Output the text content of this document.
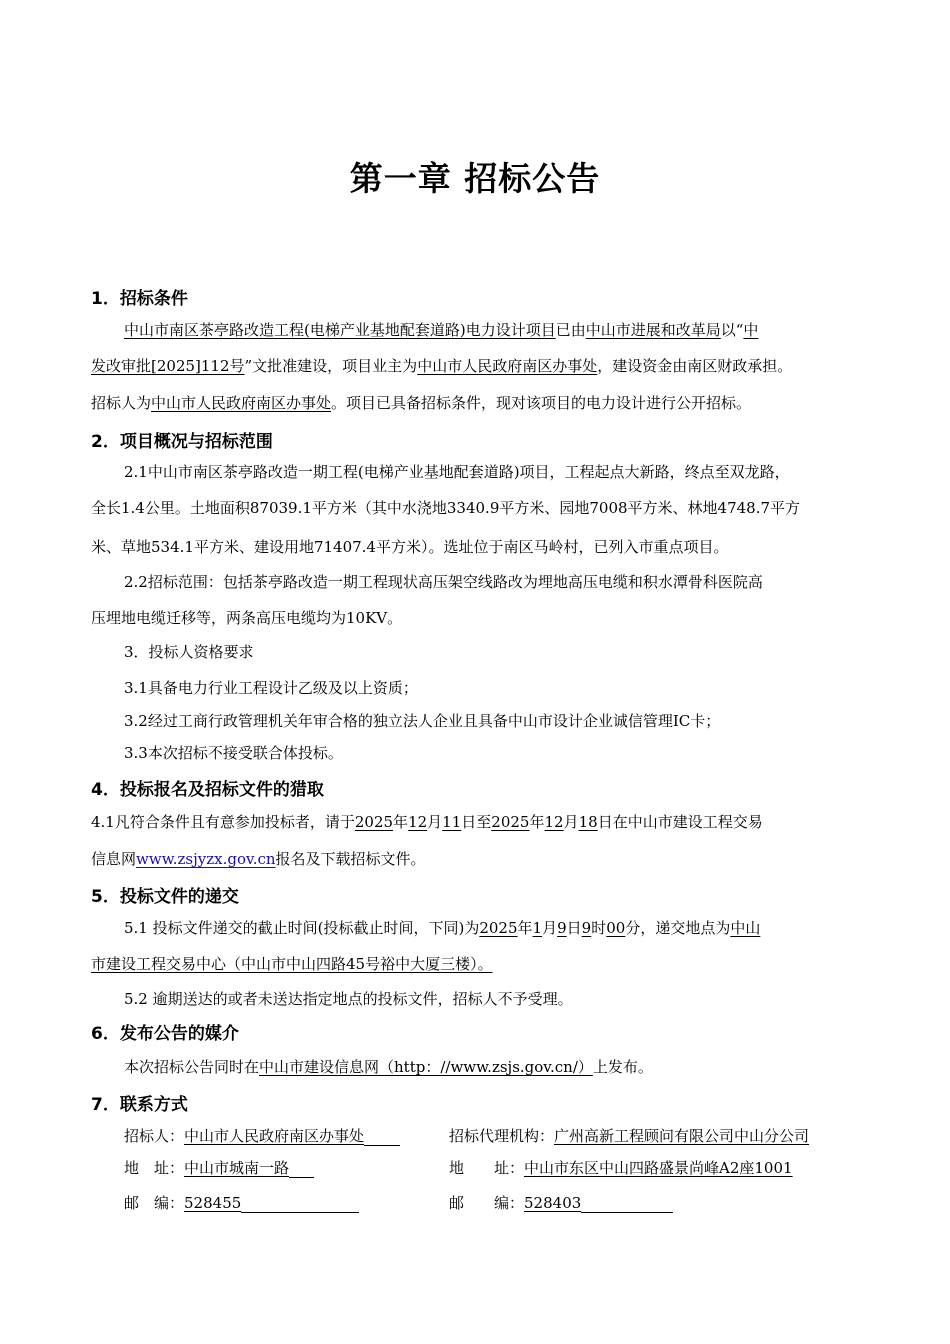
第一章 招标公告
1．招标条件
中山市南区茶亭路改造工程(电梯产业基地配套道路)电力设计项目已由中山市进展和改革局以“中
发改审批[2025]112号”文批准建设，项目业主为中山市人民政府南区办事处，建设资金由南区财政承担。
招标人为中山市人民政府南区办事处。项目已具备招标条件，现对该项目的电力设计进行公开招标。
2．项目概况与招标范围
2.1中山市南区茶亭路改造一期工程(电梯产业基地配套道路)项目，工程起点大新路，终点至双龙路，
全长1.4公里。土地面积87039.1平方米（其中水浇地3340.9平方米、园地7008平方米、林地4748.7平方
米、草地534.1平方米、建设用地71407.4平方米）。选址位于南区马岭村，已列入市重点项目。
2.2招标范围：包括茶亭路改造一期工程现状高压架空线路改为埋地高压电缆和积水潭骨科医院高
压埋地电缆迁移等，两条高压电缆均为10KV。
3．投标人资格要求
3.1具备电力行业工程设计乙级及以上资质；
3.2经过工商行政管理机关年审合格的独立法人企业且具备中山市设计企业诚信管理IC卡；
3.3本次招标不接受联合体投标。
4．投标报名及招标文件的猎取
4.1凡符合条件且有意参加投标者，请于2025年12月11日至2025年12月18日在中山市建设工程交易
信息网www.zsjyzx.gov.cn报名及下载招标文件。
5．投标文件的递交
5.1 投标文件递交的截止时间(投标截止时间，下同)为2025年1月9日9时00分，递交地点为中山
市建设工程交易中心（中山市中山四路45号裕中大厦三楼）。
5.2 逾期送达的或者未送达指定地点的投标文件，招标人不予受理。
6．发布公告的媒介
本次招标公告同时在中山市建设信息网（http：//www.zsjs.gov.cn/）上发布。
7．联系方式
招标人：中山市人民政府南区办事处	招标代理机构：广州高新工程顾问有限公司中山分公司
地　址：中山市城南一路	地　　址：中山市东区中山四路盛景尚峰A2座1001
邮　编：528455	邮　　编：528403
